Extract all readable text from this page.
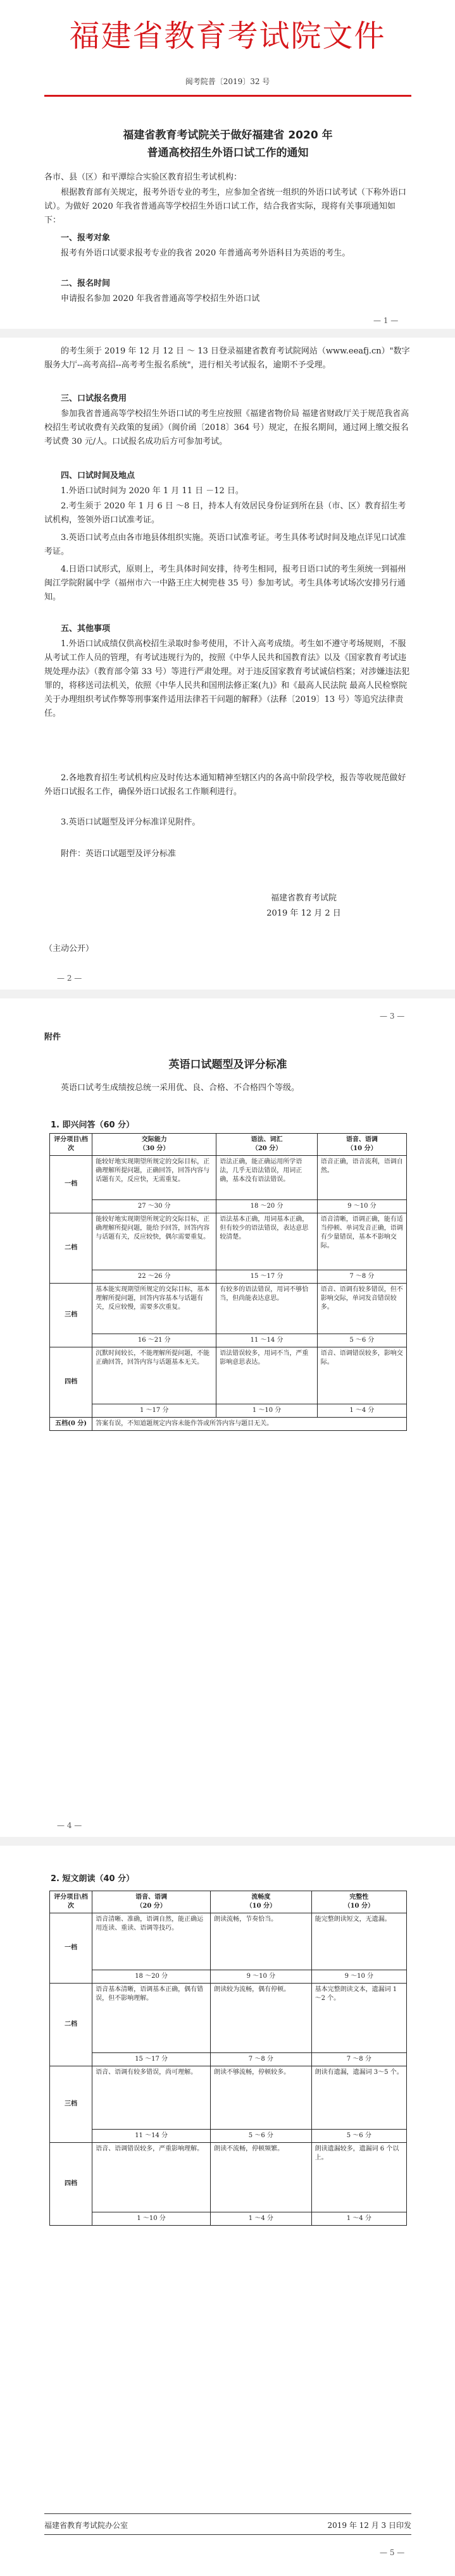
福建省教育考试院文件
闽考院普〔2019〕32 号
福建省教育考试院关于做好福建省 2020 年
普通高校招生外语口试工作的通知

各市、县（区）和平潭综合实验区教育招生考试机构：

根据教育部有关规定，报考外语专业的考生，应参加全省统一组织的外语口试考试（下称外语口试）。为做好 2020 年我省普通高等学校招生外语口试工作，结合我省实际，现将有关事项通知如下：

一、报考对象

报考有外语口试要求报考专业的我省 2020 年普通高考外语科目为英语的考生。

二、报名时间

申请报名参加 2020 年我省普通高等学校招生外语口试

— 1 —

的考生须于 2019 年 12 月 12 日 ～ 13 日登录福建省教育考试院网站（www.eeafj.cn）"数字服务大厅--高考高招--高考考生报名系统"，进行相关考试报名，逾期不予受理。

三、口试报名费用

参加我省普通高等学校招生外语口试的考生应按照《福建省物价局 福建省财政厅关于规范我省高校招生考试收费有关政策的复函》（闽价函〔2018〕364 号）规定，在报名期间，通过网上缴交报名考试费 30 元/人。口试报名成功后方可参加考试。

四、口试时间及地点

1.外语口试时间为 2020 年 1 月 11 日 －12 日。

2.考生须于 2020 年 1 月 6 日 ～8 日，持本人有效居民身份证到所在县（市、区）教育招生考试机构，签领外语口试准考证。

3.英语口试考点由各市地县体组织实施。英语口试准考证。考生具体考试时间及地点详见口试准考证。

4.日语口试形式，原则上，考生具体时间安排，待考生相同，报考日语口试的考生须统一到福州闽江学院附属中学（福州市六一中路王庄大树兜巷 35 号）参加考试。考生具体考试场次安排另行通知。

五、其他事项

1.外语口试成绩仅供高校招生录取时参考使用，不计入高考成绩。考生如不遵守考场规则，不服从考试工作人员的管理，有考试违规行为的，按照《中华人民共和国教育法》以及《国家教育考试违规处理办法》（教育部令第 33 号）等进行严肃处理。对于违反国家教育考试诚信档案；对涉嫌违法犯罪的，将移送司法机关，依照《中华人民共和国刑法修正案(九)》和《最高人民法院 最高人民检察院关于办理组织考试作弊等刑事案件适用法律若干问题的解释》（法释〔2019〕13 号）等追究法律责任。

2.各地教育招生考试机构应及时传达本通知精神至辖区内的各高中阶段学校，报告等收规范做好外语口试报名工作，确保外语口试报名工作顺利进行。

3.英语口试题型及评分标准详见附件。

附件：英语口试题型及评分标准

福建省教育考试院
2019 年 12 月 2 日

（主动公开）

— 2 —
— 3 —

附件

英语口试题型及评分标准

英语口试考生成绩按总统一采用优、良、合格、不合格四个等级。

1. 即兴问答（60 分）
评分项目\档次	交际能力
（30 分）	语法、词汇
（20 分）	语音、语调
（10 分）
一档	能较好地实现期望所规定的交际目标，正确理解所提问题，正确回答，回答内容与话题有关，反应快，无需重复。	语法正确，能正确运用所学语法，几乎无语法错误，用词正确，基本没有语法错误。	语音正确，语音流利，语调自然。
	27 ～30 分	18 ～20 分	9 ～10 分
二档	能较好地实现期望所规定的交际目标，正确理解所提问题，能给予回答，回答内容与话题有关，反应较快，偶尔需要重复。	语法基本正确，用词基本正确，但有较少的语法错误，表达意思较清楚。	语音清晰，语调正确，能有适当停顿、单词发音正确，语调有少量错误，基本不影响交际。
	22 ～26 分	15 ～17 分	7 ～8 分
三档	基本能实现期望所规定的交际目标，基本理解所提问题，回答内容基本与话题有关，反应较慢，需要多次重复。	有较多的语法错误，用词不够恰当，但尚能表达意思。	语音、语调有较多错误，但不影响交际，单词发音错误较多。
	16 ～21 分	11 ～14 分	5 ～6 分
四档	沉默时间较长，不能理解所提问题，不能正确回答，回答内容与话题基本无关。	语法错误较多，用词不当，严重影响意思表达。	语音、语调错误较多，影响交际。
	1 ～17 分	1 ～10 分	1 ～4 分
五档(0 分)	答案有误，不知道题规定内容未能作答或所答内容与题目无关。		
— 4 —
2. 短文朗读（40 分）
评分项目\档次	语音、语调
（20 分）	流畅度
（10 分）	完整性
（10 分）
一档	语音清晰、准确，语调自然，能正确运用连读、重读、语调等技巧。	朗读流畅，节奏恰当。	能完整朗读短文，无遗漏。
	18 ～20 分	9 ～10 分	9 ～10 分
二档	语音基本清晰，语调基本正确，偶有错误，但不影响理解。	朗读较为流畅，偶有停顿。	基本完整朗读文本，遗漏词 1～2 个。
	15 ～17 分	7 ～8 分	7 ～8 分
三档	语音、语调有较多错误，尚可理解。	朗读不够流畅，停顿较多。	朗读有遗漏，遗漏词 3～5 个。
	11 ～14 分	5 ～6 分	5 ～6 分
四档	语音、语调错误较多，严重影响理解。	朗读不流畅，停顿频繁。	朗读遗漏较多，遗漏词 6 个以上。
	1 ～10 分	1 ～4 分	1 ～4 分
福建省教育考试院办公室	2019 年 12 月 3 日印发
— 5 —
